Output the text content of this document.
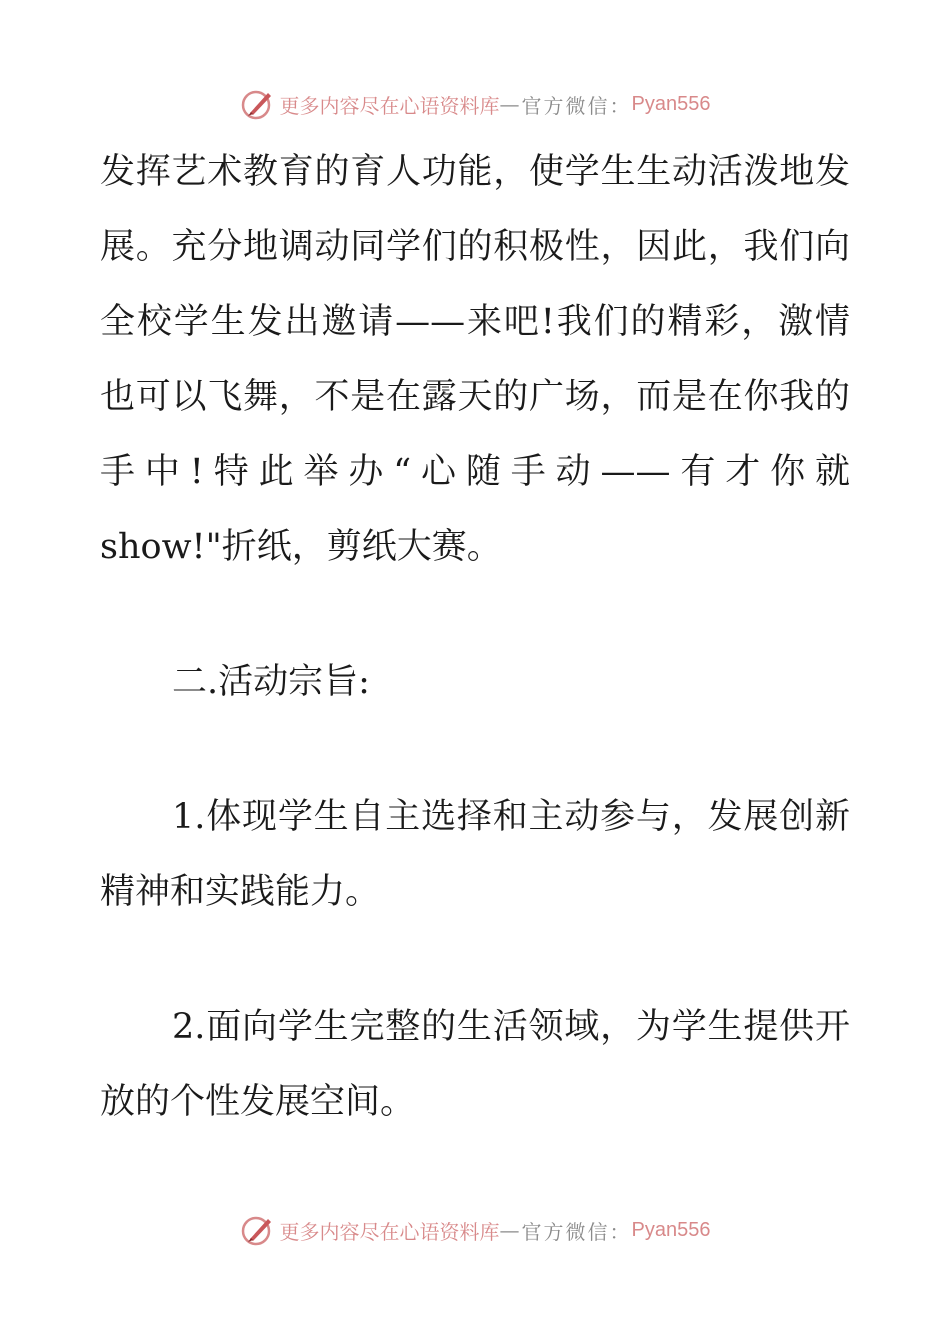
更多内容尽在心语资料库 — 官方微信： Pyan556
发挥艺术教育的育人功能，使学生生动活泼地发
展。充分地调动同学们的积极性，因此，我们向
全校学生发出邀请——来吧!我们的精彩，激情
也可以飞舞，不是在露天的广场，而是在你我的
手中!特此举办“心随手动——有才你就
show!"折纸，剪纸大赛。
二.活动宗旨:
1.体现学生自主选择和主动参与，发展创新
精神和实践能力。
2.面向学生完整的生活领域，为学生提供开
放的个性发展空间。
更多内容尽在心语资料库 — 官方微信： Pyan556
